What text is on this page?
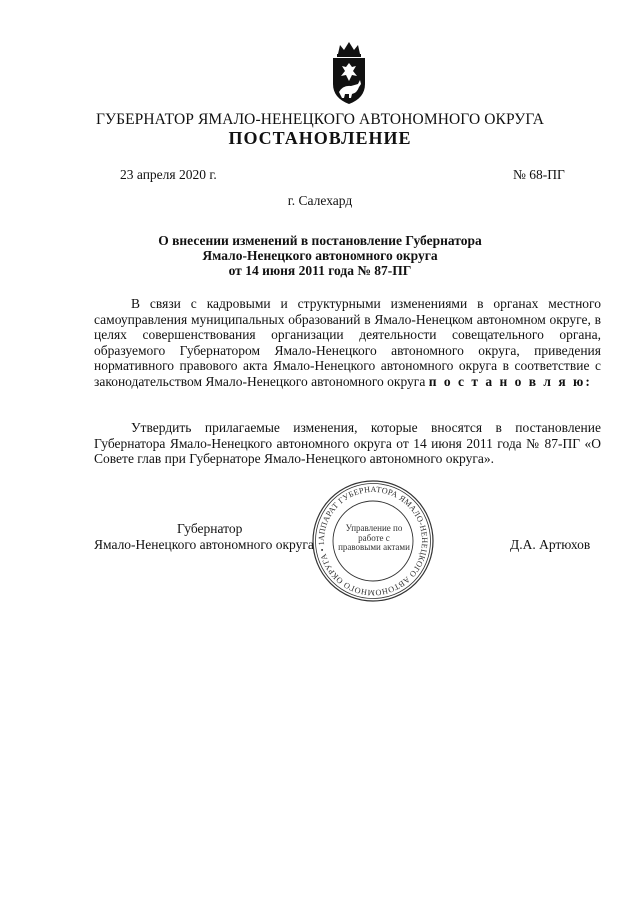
ГУБЕРНАТОР ЯМАЛО-НЕНЕЦКОГО АВТОНОМНОГО ОКРУГА
ПОСТАНОВЛЕНИЕ
23 апреля 2020 г.	№ 68-ПГ
г. Салехард
О внесении изменений в постановление Губернатора
Ямало-Ненецкого автономного округа
от 14 июня 2011 года № 87-ПГ
В связи с кадровыми и структурными изменениями в органах местного самоуправления муниципальных образований в Ямало-Ненецком автономном округе, в целях совершенствования организации деятельности совещательного органа, образуемого Губернатором Ямало-Ненецкого автономного округа, приведения нормативного правового акта Ямало-Ненецкого автономного округа в соответствие с законодательством Ямало-Ненецкого автономного округа п о с т а н о в л я ю:
Утвердить прилагаемые изменения, которые вносятся в постановление Губернатора Ямало-Ненецкого автономного округа от 14 июня 2011 года № 87-ПГ «О Совете глав при Губернаторе Ямало-Ненецкого автономного округа».
Губернатор
Ямало-Ненецкого автономного округа	Д.А. Артюхов
АППАРАТ ГУБЕРНАТОРА ЯМАЛО-НЕНЕЦКОГО АВТОНОМНОГО ОКРУГА • 1
Управление по работе с правовыми актами
